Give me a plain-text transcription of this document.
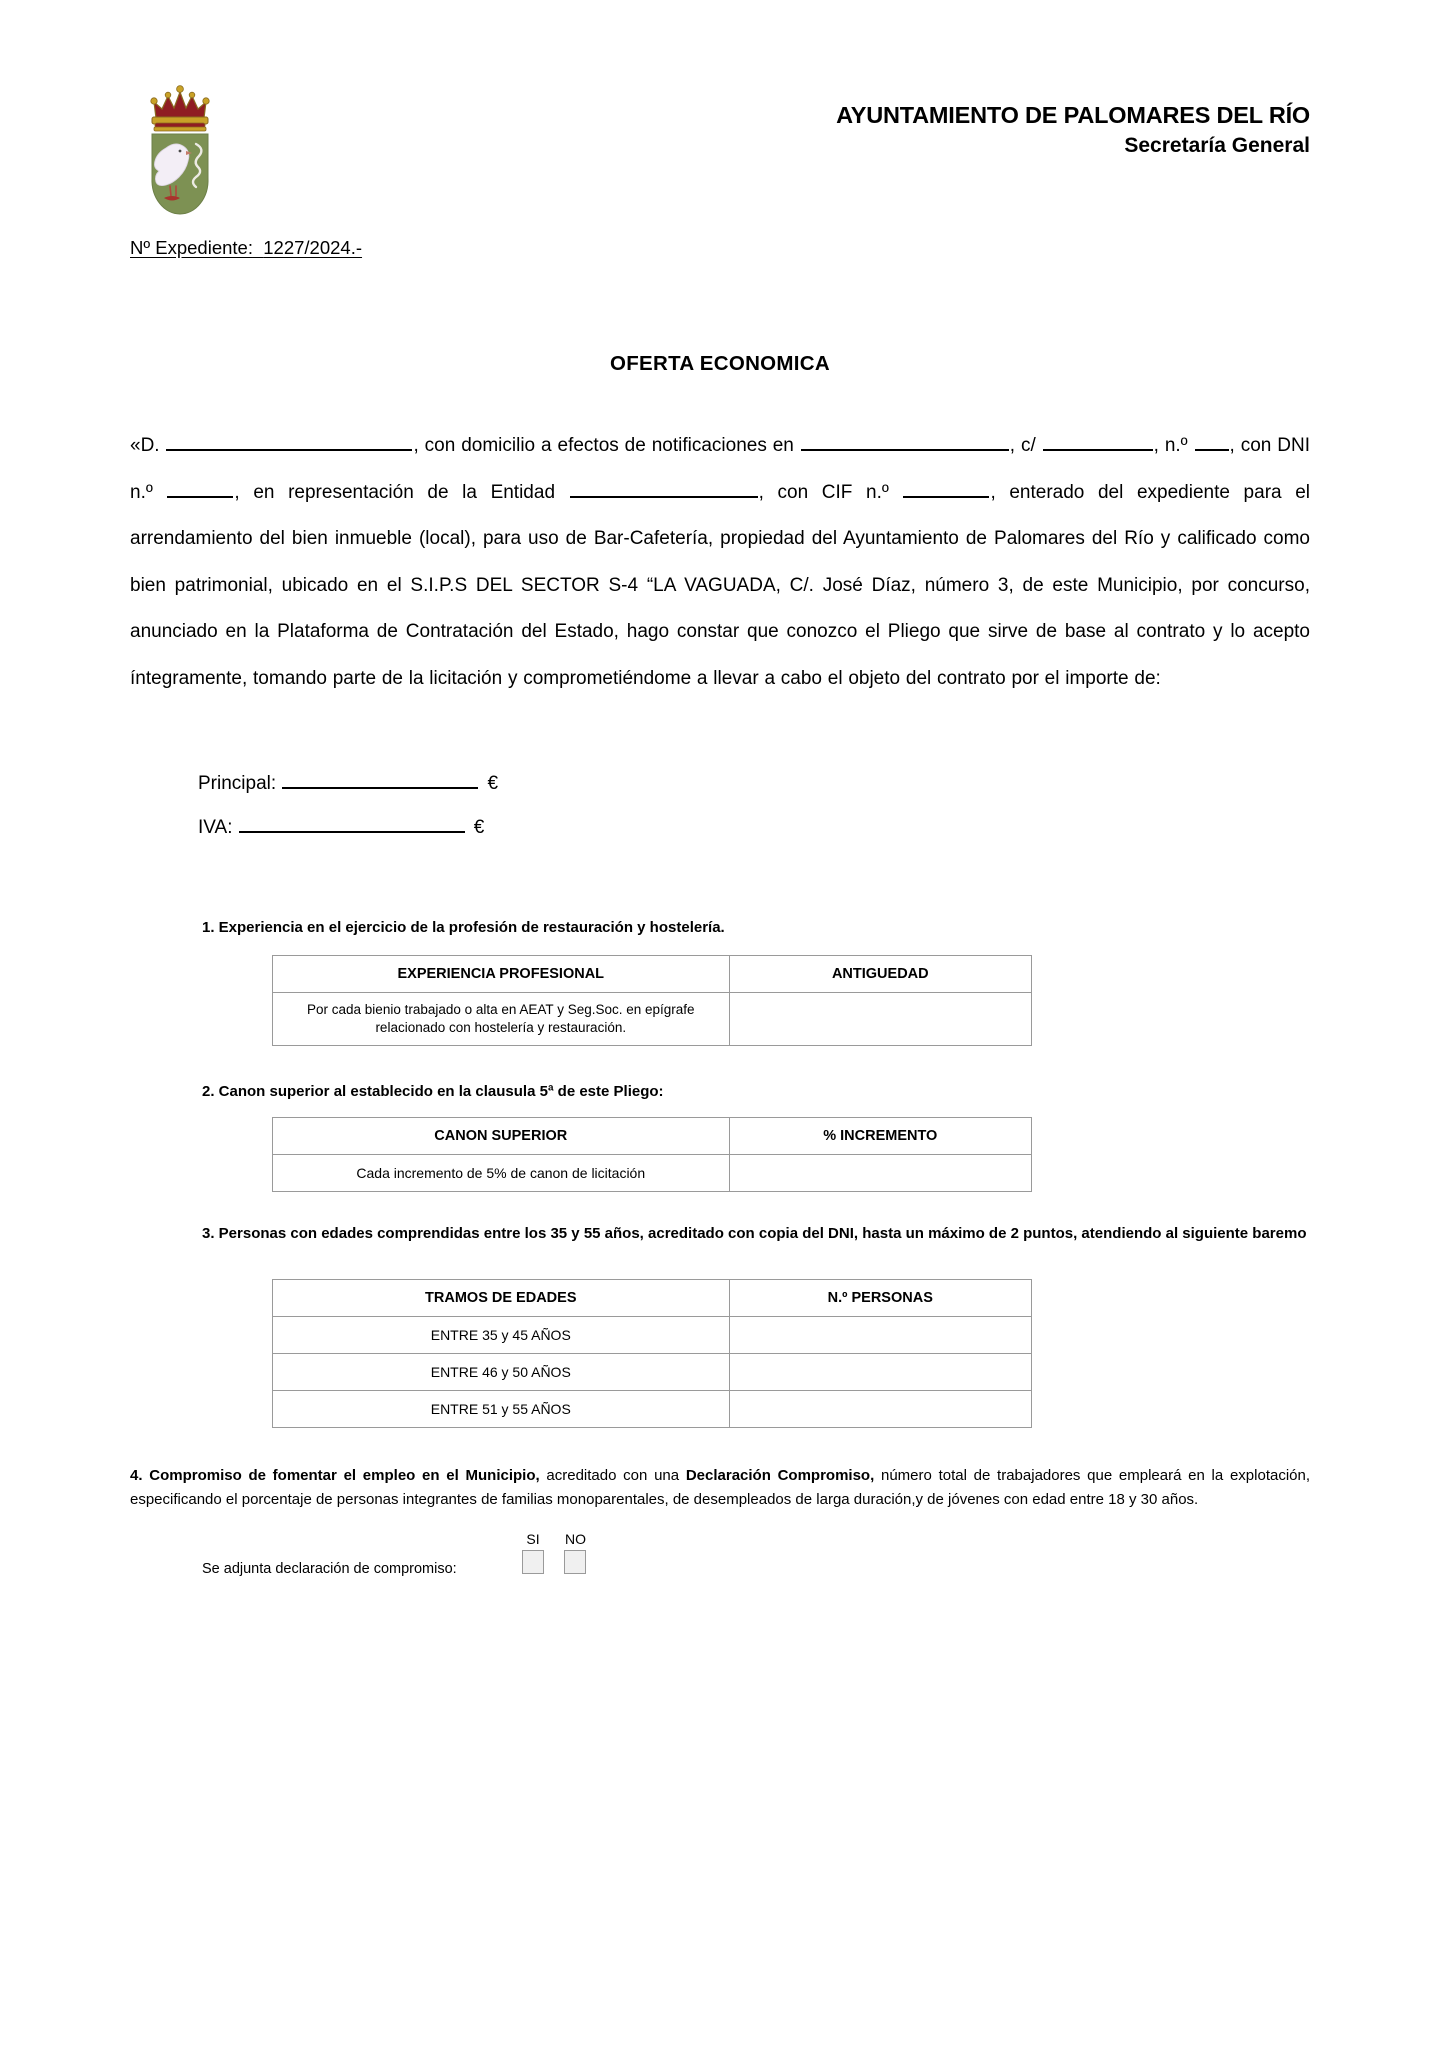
AYUNTAMIENTO DE PALOMARES DEL RÍO
Secretaría General
Nº Expediente: 1227/2024.-
OFERTA ECONOMICA
«D.	, con domicilio a efectos de notificaciones en	, c/	, n.º , con DNI n.º	, en representación de la Entidad	, con CIF n.º	, enterado del expediente para el arrendamiento del bien inmueble (local), para uso de Bar-Cafetería, propiedad del Ayuntamiento de Palomares del Río y calificado como bien patrimonial, ubicado en el S.I.P.S DEL SECTOR S-4 “LA VAGUADA, C/. José Díaz, número 3, de este Municipio, por concurso, anunciado en la Plataforma de Contratación del Estado, hago constar que conozco el Pliego que sirve de base al contrato y lo acepto íntegramente, tomando parte de la licitación y comprometiéndome a llevar a cabo el objeto del contrato por el importe de:
Principal:	€
IVA:	€
1. Experiencia en el ejercicio de la profesión de restauración y hostelería.
EXPERIENCIA PROFESIONAL	ANTIGUEDAD
Por cada bienio trabajado o alta en AEAT y Seg.Soc. en epígrafe relacionado con hostelería y restauración.	
2. Canon superior al establecido en la clausula 5ª de este Pliego:
CANON SUPERIOR	% INCREMENTO
Cada incremento de 5% de canon de licitación	
3. Personas con edades comprendidas entre los 35 y 55 años, acreditado con copia del DNI, hasta un máximo de 2 puntos, atendiendo al siguiente baremo
TRAMOS DE EDADES	N.º PERSONAS
ENTRE 35 y 45 AÑOS	
ENTRE 46 y 50 AÑOS	
ENTRE 51 y 55 AÑOS	
4. Compromiso de fomentar el empleo en el Municipio, acreditado con una Declaración Compromiso, número total de trabajadores que empleará en la explotación, especificando el porcentaje de personas integrantes de familias monoparentales, de desempleados de larga duración,y de jóvenes con edad entre 18 y 30 años.
Se adjunta declaración de compromiso:
SI
	NO
